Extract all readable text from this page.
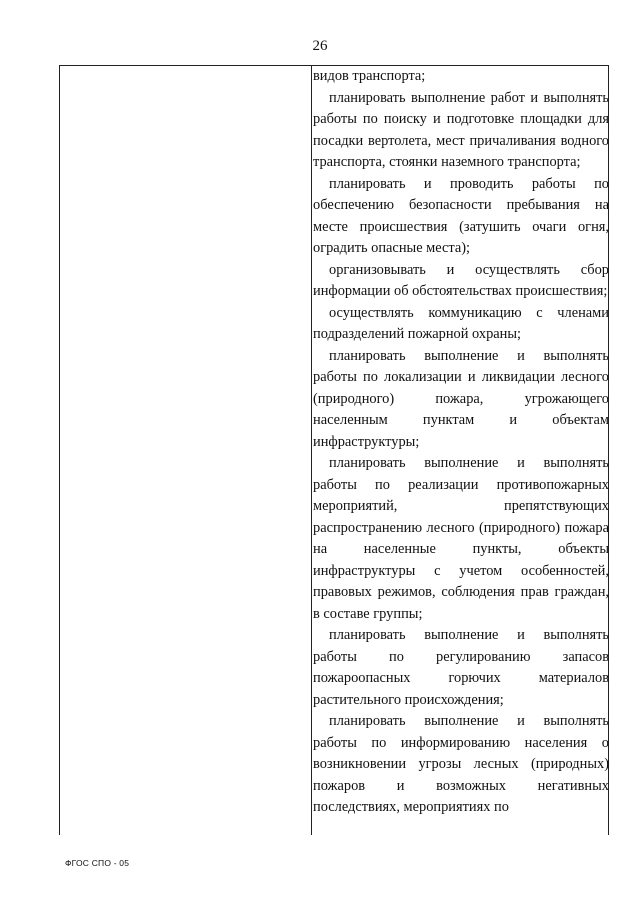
26
видов транспорта;
планировать выполнение работ и выполнять работы по поиску и подготовке площадки для посадки вертолета, мест причаливания водного транспорта, стоянки наземного транспорта;
планировать и проводить работы по обеспечению безопасности пребывания на месте происшествия (затушить очаги огня, оградить опасные места);
организовывать и осуществлять сбор информации об обстоятельствах происшествия;
осуществлять коммуникацию с членами подразделений пожарной охраны;
планировать выполнение и выполнять работы по локализации и ликвидации лесного (природного) пожара, угрожающего населенным пунктам и объектам инфраструктуры;
планировать выполнение и выполнять работы по реализации противопожарных мероприятий, препятствующих распространению лесного (природного) пожара на населенные пункты, объекты инфраструктуры с учетом особенностей, правовых режимов, соблюдения прав граждан, в составе группы;
планировать выполнение и выполнять работы по регулированию запасов пожароопасных горючих материалов растительного происхождения;
планировать выполнение и выполнять работы по информированию населения о возникновении угрозы лесных (природных) пожаров и возможных негативных последствиях, мероприятиях по
ФГОС СПО - 05
